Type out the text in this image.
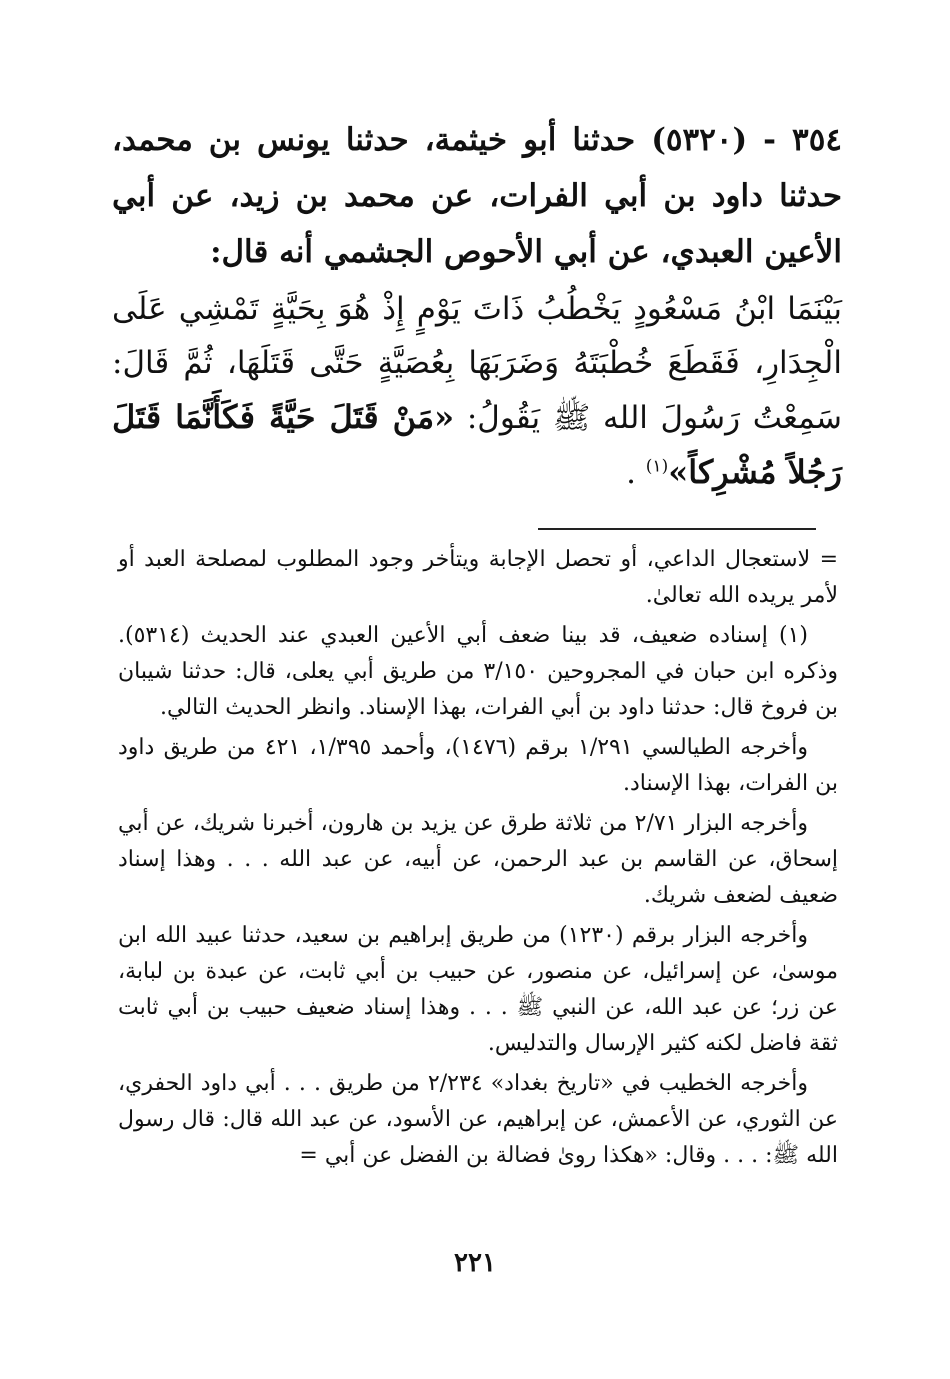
٣٥٤ - (٥٣٢٠) حدثنا أبو خيثمة، حدثنا يونس بن محمد، حدثنا داود بن أبي الفرات، عن محمد بن زيد، عن أبي الأعين العبدي، عن أبي الأحوص الجشمي أنه قال:
بَيْنَمَا ابْنُ مَسْعُودٍ يَخْطُبُ ذَاتَ يَوْمٍ إِذْ هُوَ بِحَيَّةٍ تَمْشِي عَلَى الْجِدَارِ، فَقَطَعَ خُطْبَتَهُ وَضَرَبَهَا بِعُصَيَّةٍ حَتَّى قَتَلَهَا، ثُمَّ قَالَ: سَمِعْتُ رَسُولَ الله ﷺ يَقُولُ: «مَنْ قَتَلَ حَيَّةً فَكَأَنَّمَا قَتَلَ رَجُلاً مُشْرِكاً»$^{(١)}$ .

= لاستعجال الداعي، أو تحصل الإجابة ويتأخر وجود المطلوب لمصلحة العبد أو لأمر يريده الله تعالىٰ.

(١) إسناده ضعيف، قد بينا ضعف أبي الأعين العبدي عند الحديث (٥٣١٤). وذكره ابن حبان في المجروحين ٣/١٥٠ من طريق أبي يعلى، قال: حدثنا شيبان بن فروخ قال: حدثنا داود بن أبي الفرات، بهذا الإسناد. وانظر الحديث التالي.

وأخرجه الطيالسي ١/٢٩١ برقم (١٤٧٦)، وأحمد ١/٣٩٥، ٤٢١ من طريق داود بن الفرات، بهذا الإسناد.

وأخرجه البزار ٢/٧١ من ثلاثة طرق عن يزيد بن هارون، أخبرنا شريك، عن أبي إسحاق، عن القاسم بن عبد الرحمن، عن أبيه، عن عبد الله . . . وهذا إسناد ضعيف لضعف شريك.

وأخرجه البزار برقم (١٢٣٠) من طريق إبراهيم بن سعيد، حدثنا عبيد الله ابن موسىٰ، عن إسرائيل، عن منصور، عن حبيب بن أبي ثابت، عن عبدة بن لبابة، عن زر؛ عن عبد الله، عن النبي ﷺ . . . وهذا إسناد ضعيف حبيب بن أبي ثابت ثقة فاضل لكنه كثير الإرسال والتدليس.

وأخرجه الخطيب في «تاريخ بغداد» ٢/٢٣٤ من طريق . . . أبي داود الحفري، عن الثوري، عن الأعمش، عن إبراهيم، عن الأسود، عن عبد الله قال: قال رسول الله ﷺ: . . . وقال: «هكذا روىٰ فضالة بن الفضل عن أبي =

٢٢١
